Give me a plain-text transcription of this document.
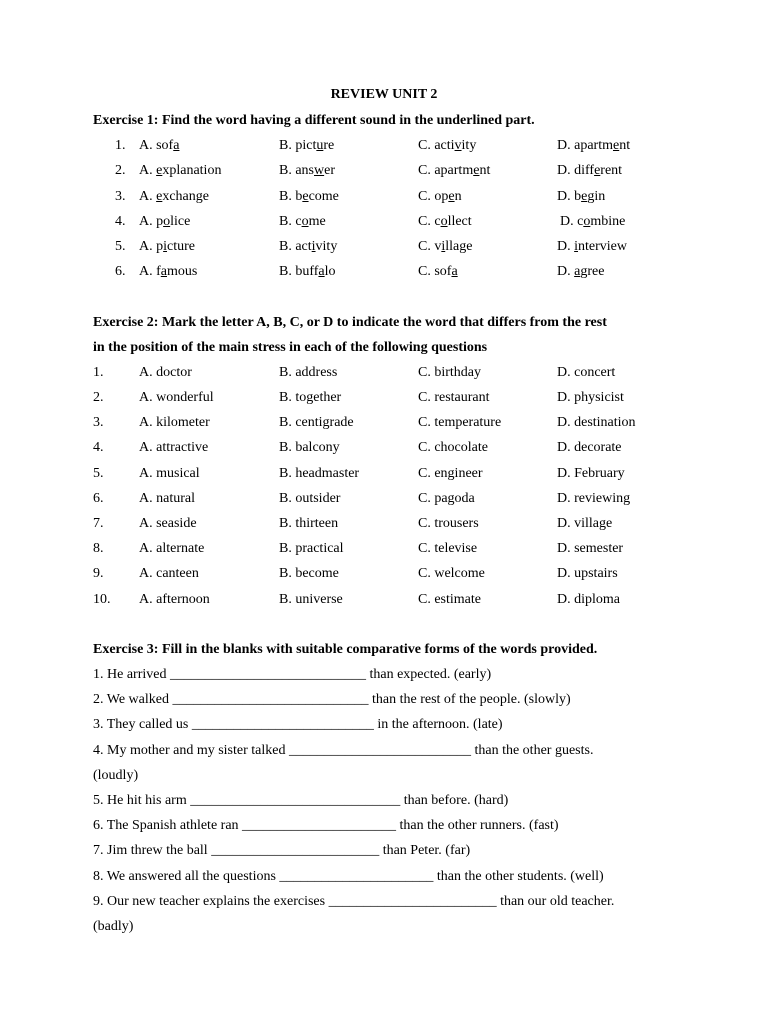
REVIEW UNIT 2
Exercise 1: Find the word having a different sound in the underlined part.
1. A. sofa	B. picture	C. activity	D. apartment
2. A. explanation	B. answer	C. apartment	D. different
3. A. exchange	B. become	C. open	D. begin
4. A. police	B. come	C. collect	D. combine
5. A. picture	B. activity	C. village	D. interview
6. A. famous	B. buffalo	C. sofa	D. agree
Exercise 2: Mark the letter A, B, C, or D to indicate the word that differs from the rest
in the position of the main stress in each of the following questions
1.	A. doctor	B. address	C. birthday	D. concert
2.	A. wonderful	B. together	C. restaurant	D. physicist
3.	A. kilometer	B. centigrade	C. temperature	D. destination
4.	A. attractive	B. balcony	C. chocolate	D. decorate
5.	A. musical	B. headmaster	C. engineer	D. February
6.	A. natural	B. outsider	C. pagoda	D. reviewing
7.	A. seaside	B. thirteen	C. trousers	D. village
8.	A. alternate	B. practical	C. televise	D. semester
9.	A. canteen	B. become	C. welcome	D. upstairs
10. A. afternoon	B. universe	C. estimate	D. diploma
Exercise 3: Fill in the blanks with suitable comparative forms of the words provided.
1. He arrived ____________________________ than expected. (early)
2. We walked ____________________________ than the rest of the people. (slowly)
3. They called us __________________________ in the afternoon. (late)
4. My mother and my sister talked __________________________ than the other guests.
(loudly)
5. He hit his arm ______________________________ than before. (hard)
6. The Spanish athlete ran ______________________ than the other runners. (fast)
7. Jim threw the ball ________________________ than Peter. (far)
8. We answered all the questions ______________________ than the other students. (well)
9. Our new teacher explains the exercises ________________________ than our old teacher.
(badly)
